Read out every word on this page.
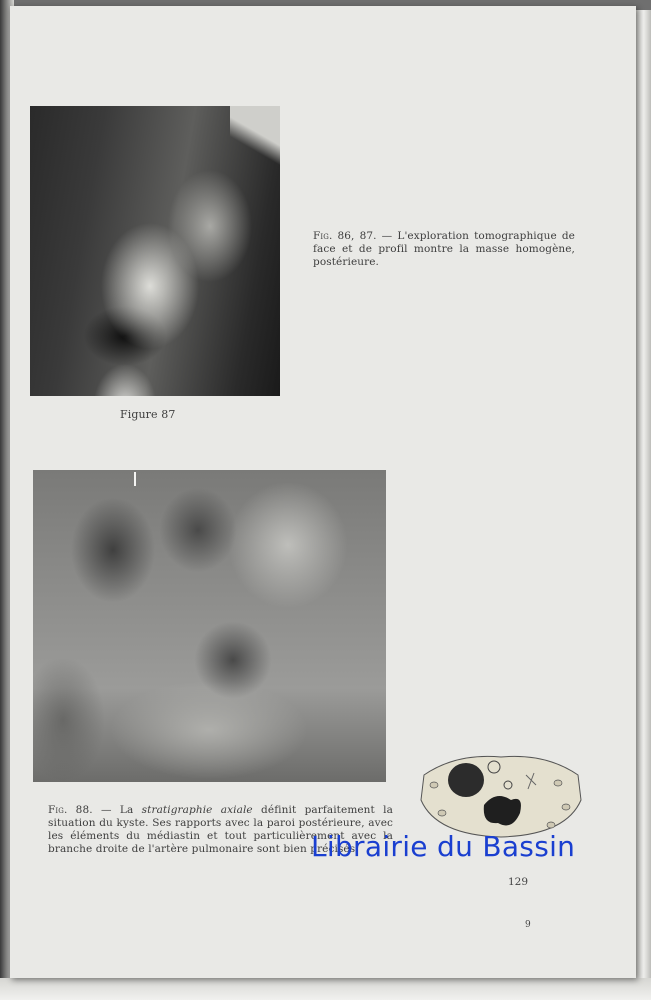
Fig. 86, 87. — L'exploration tomographique de face et de profil montre la masse homogène, postérieure.
Figure 87
Fig. 88. — La stratigraphie axiale définit parfaitement la situation du kyste. Ses rapports avec la paroi postérieure, avec les éléments du médiastin et tout particulièrement avec la branche droite de l'artère pulmonaire sont bien précisés.
Librairie du Bassin
129
9
